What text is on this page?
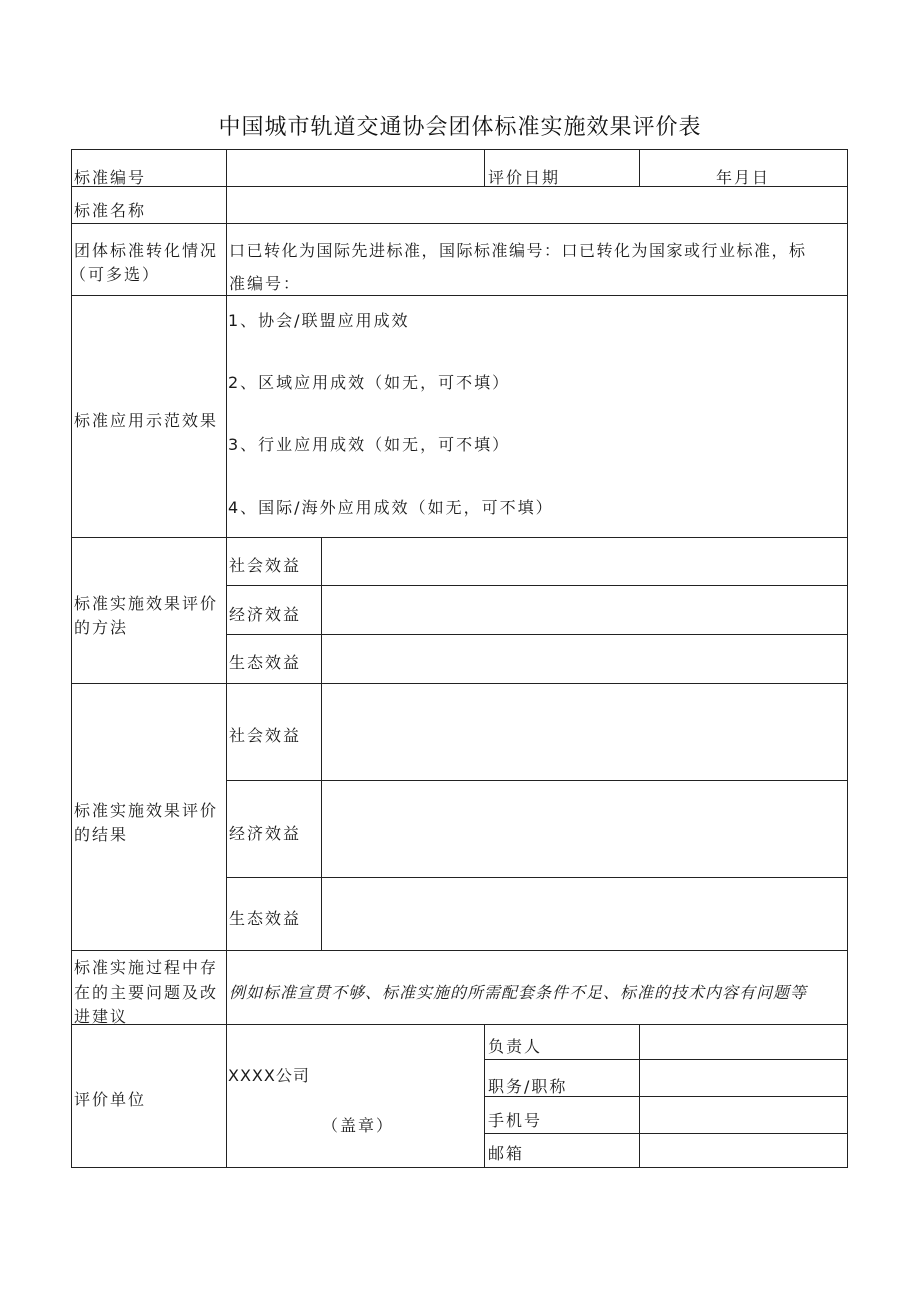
中国城市轨道交通协会团体标准实施效果评价表
标准编号	评价日期	年月日
标准名称
团体标准转化情况
（可多选）
口已转化为国际先进标准，国际标准编号：口已转化为国家或行业标准，标
准编号：
标准应用示范效果
1、协会/联盟应用成效
2、区域应用成效（如无，可不填）
3、行业应用成效（如无，可不填）
4、国际/海外应用成效（如无，可不填）
标准实施效果评价
的方法
社会效益
经济效益
生态效益
标准实施效果评价
的结果
社会效益
经济效益
生态效益
标准实施过程中存
在的主要问题及改
进建议
例如标准宣贯不够、标准实施的所需配套条件不足、标准的技术内容有问题等
评价单位
XXXX公司
（盖章）
负责人
职务/职称
手机号
邮箱
